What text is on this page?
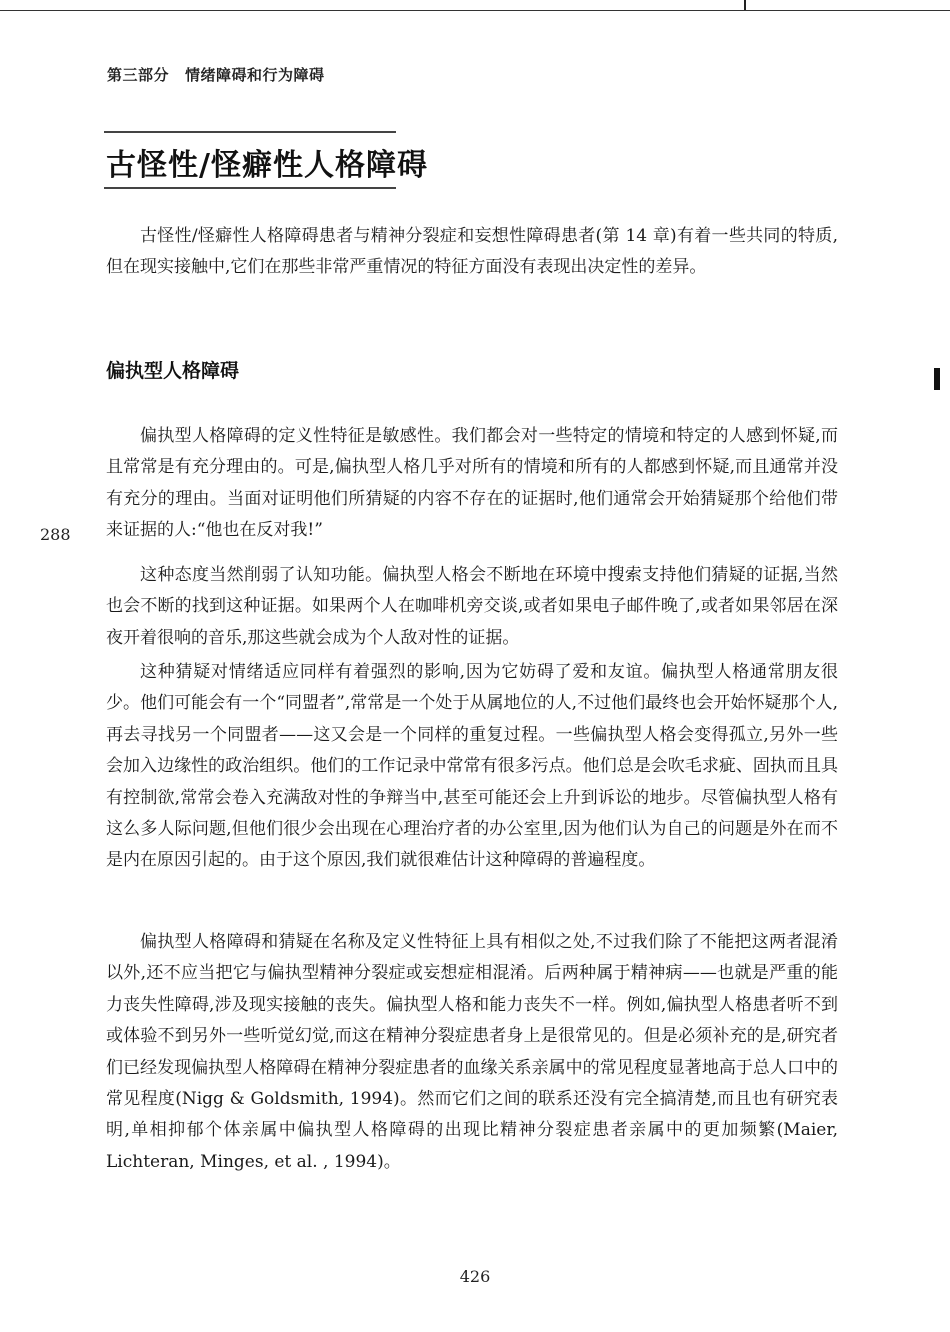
第三部分 情绪障碍和行为障碍
古怪性/怪癖性人格障碍

古怪性/怪癖性人格障碍患者与精神分裂症和妄想性障碍患者(第 14 章)有着一些共同的特质,但在现实接触中,它们在那些非常严重情况的特征方面没有表现出决定性的差异。

偏执型人格障碍

偏执型人格障碍的定义性特征是敏感性。我们都会对一些特定的情境和特定的人感到怀疑,而且常常是有充分理由的。可是,偏执型人格几乎对所有的情境和所有的人都感到怀疑,而且通常并没有充分的理由。当面对证明他们所猜疑的内容不存在的证据时,他们通常会开始猜疑那个给他们带来证据的人:“他也在反对我!”

这种态度当然削弱了认知功能。偏执型人格会不断地在环境中搜索支持他们猜疑的证据,当然也会不断的找到这种证据。如果两个人在咖啡机旁交谈,或者如果电子邮件晚了,或者如果邻居在深夜开着很响的音乐,那这些就会成为个人敌对性的证据。

这种猜疑对情绪适应同样有着强烈的影响,因为它妨碍了爱和友谊。偏执型人格通常朋友很少。他们可能会有一个“同盟者”,常常是一个处于从属地位的人,不过他们最终也会开始怀疑那个人,再去寻找另一个同盟者——这又会是一个同样的重复过程。一些偏执型人格会变得孤立,另外一些会加入边缘性的政治组织。他们的工作记录中常常有很多污点。他们总是会吹毛求疵、固执而且具有控制欲,常常会卷入充满敌对性的争辩当中,甚至可能还会上升到诉讼的地步。尽管偏执型人格有这么多人际问题,但他们很少会出现在心理治疗者的办公室里,因为他们认为自己的问题是外在而不是内在原因引起的。由于这个原因,我们就很难估计这种障碍的普遍程度。

偏执型人格障碍和猜疑在名称及定义性特征上具有相似之处,不过我们除了不能把这两者混淆以外,还不应当把它与偏执型精神分裂症或妄想症相混淆。后两种属于精神病——也就是严重的能力丧失性障碍,涉及现实接触的丧失。偏执型人格和能力丧失不一样。例如,偏执型人格患者听不到或体验不到另外一些听觉幻觉,而这在精神分裂症患者身上是很常见的。但是必须补充的是,研究者们已经发现偏执型人格障碍在精神分裂症患者的血缘关系亲属中的常见程度显著地高于总人口中的常见程度(Nigg & Goldsmith, 1994)。然而它们之间的联系还没有完全搞清楚,而且也有研究表明,单相抑郁个体亲属中偏执型人格障碍的出现比精神分裂症患者亲属中的更加频繁(Maier, Lichteran, Minges, et al. , 1994)。

288
426
